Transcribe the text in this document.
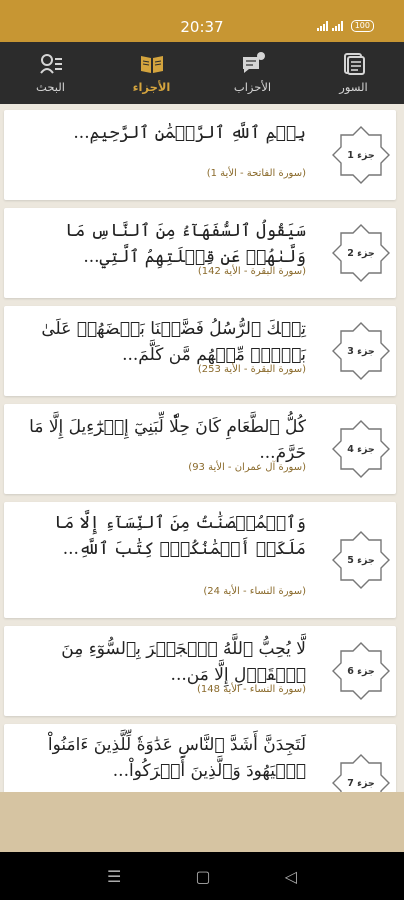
20:37	100
البحث	الأجزاء	الأحزاب	السور
بِسۡمِ ٱللَّهِ ٱلرَّحۡمَٰنِ ٱلرَّحِيمِ...
(سورة الفاتحة - الأية 1)
جزء 1
سَيَقُولُ ٱلسُّفَهَآءُ مِنَ ٱلنَّاسِ مَا وَلَّىٰهُمۡ عَن قِبۡلَتِهِمُ ٱلَّتِي...
(سورة البقرة - الأية 142)
جزء 2
تِلۡكَ ٱلرُّسُلُ فَضَّلۡنَا بَعۡضَهُمۡ عَلَىٰ بَعۡضٖۘ مِّنۡهُم مَّن كَلَّمَ...
(سورة البقرة - الأية 253)
جزء 3
كُلُّ ٱلطَّعَامِ كَانَ حِلّٗا لِّبَنِيٓ إِسۡرَٰٓءِيلَ إِلَّا مَا حَرَّمَ...
(سورة آل عمران - الأية 93)
جزء 4
وَٱلۡمُحۡصَنَٰتُ مِنَ ٱلنِّسَآءِ إِلَّا مَا مَلَكَتۡ أَيۡمَٰنُكُمۡۖ كِتَٰبَ ٱللَّهِ...
(سورة النساء - الأية 24)
جزء 5
لَّا يُحِبُّ ٱللَّهُ ٱلۡجَهۡرَ بِٱلسُّوٓءِ مِنَ ٱلۡقَوۡلِ إِلَّا مَن...
(سورة النساء - الأية 148)
جزء 6
لَتَجِدَنَّ أَشَدَّ ٱلنَّاسِ عَدَٰوَةٗ لِّلَّذِينَ ءَامَنُواْ ٱلۡيَهُودَ وَٱلَّذِينَ أَشۡرَكُواْ...
جزء 7
☰	▢	◁
